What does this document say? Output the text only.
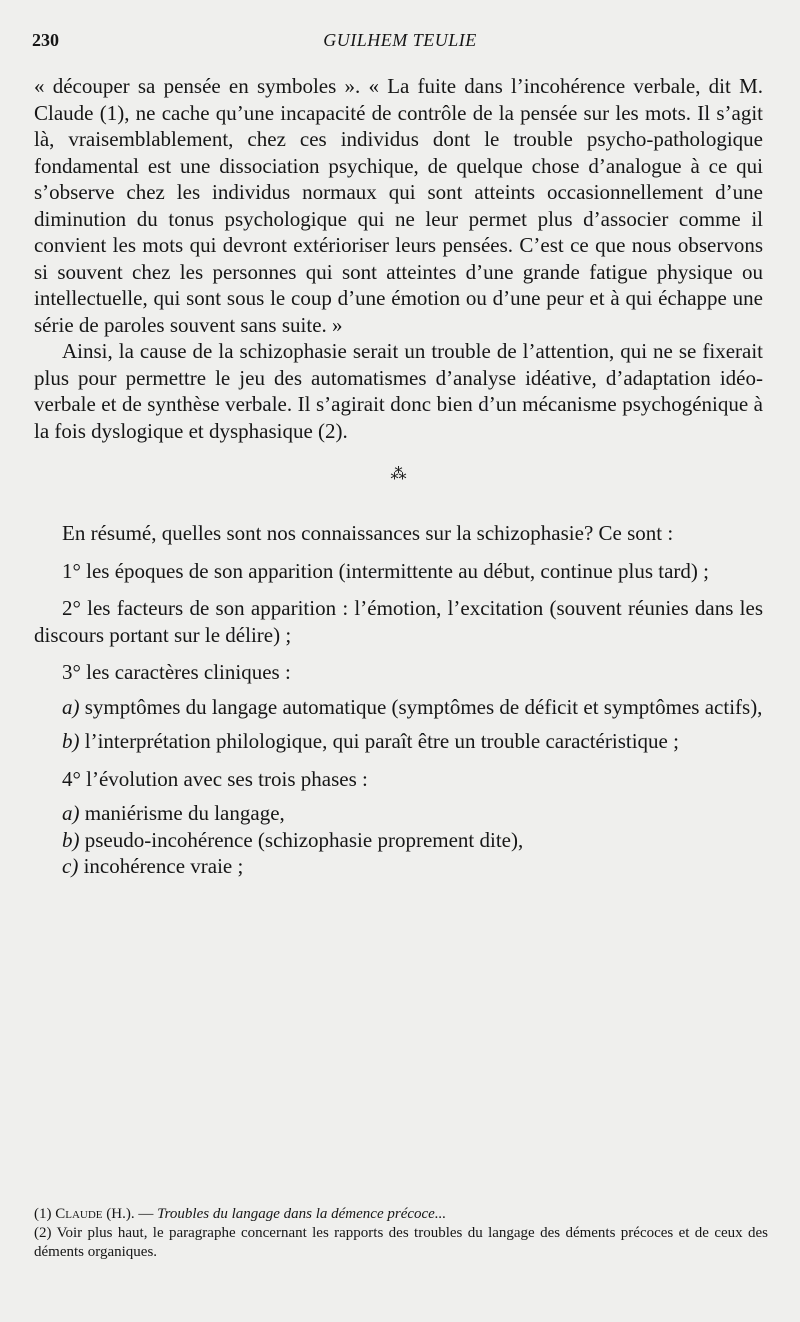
230	GUILHEM TEULIE

« découper sa pensée en symboles ». « La fuite dans l’incohérence verbale, dit M. Claude (1), ne cache qu’une incapacité de contrôle de la pensée sur les mots. Il s’agit là, vraisemblablement, chez ces individus dont le trouble psycho-pathologique fondamental est une dissociation psychique, de quelque chose d’analogue à ce qui s’observe chez les individus normaux qui sont atteints occasionnellement d’une diminution du tonus psychologique qui ne leur permet plus d’associer comme il convient les mots qui devront extérioriser leurs pensées. C’est ce que nous observons si souvent chez les personnes qui sont atteintes d’une grande fatigue physique ou intellectuelle, qui sont sous le coup d’une émotion ou d’une peur et à qui échappe une série de paroles souvent sans suite. »

Ainsi, la cause de la schizophasie serait un trouble de l’attention, qui ne se fixerait plus pour permettre le jeu des automatismes d’analyse idéative, d’adaptation idéo-verbale et de synthèse verbale. Il s’agirait donc bien d’un mécanisme psychogénique à la fois dyslogique et dysphasique (2).

⁂

En résumé, quelles sont nos connaissances sur la schizophasie? Ce sont :

1° les époques de son apparition (intermittente au début, continue plus tard) ;

2° les facteurs de son apparition : l’émotion, l’excitation (souvent réunies dans les discours portant sur le délire) ;

3° les caractères cliniques :

a) symptômes du langage automatique (symptômes de déficit et symptômes actifs),

b) l’interprétation philologique, qui paraît être un trouble caractéristique ;

4° l’évolution avec ses trois phases :

a) maniérisme du langage,

b) pseudo-incohérence (schizophasie proprement dite),

c) incohérence vraie ;

(1) Claude (H.). — Troubles du langage dans la démence précoce...

(2) Voir plus haut, le paragraphe concernant les rapports des troubles du langage des déments précoces et de ceux des déments organiques.
